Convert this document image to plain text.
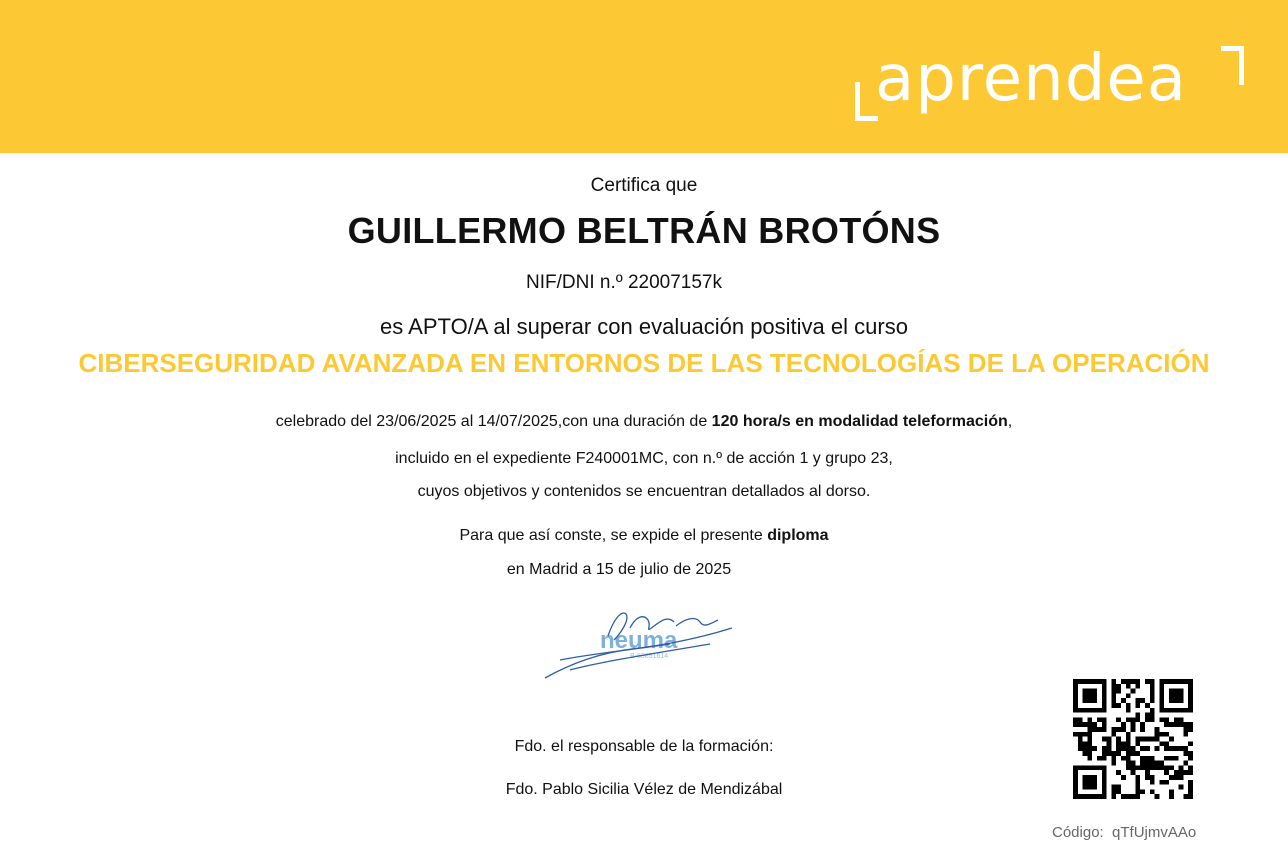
aprendea
Certifica que
GUILLERMO BELTRÁN BROTÓNS
NIF/DNI n.º 22007157k
es APTO/A al superar con evaluación positiva el curso
CIBERSEGURIDAD AVANZADA EN ENTORNOS DE LAS TECNOLOGÍAS DE LA OPERACIÓN
celebrado del 23/06/2025 al 14/07/2025,con una duración de 120 hora/s en modalidad teleformación,
incluido en el expediente F240001MC, con n.º de acción 1 y grupo 23,
cuyos objetivos y contenidos se encuentran detallados al dorso.
Para que así conste, se expide el presente diploma
en Madrid a 15 de julio de 2025
neuma
B-83851614
Fdo. el responsable de la formación:
Fdo. Pablo Sicilia Vélez de Mendizábal
Código: qTfUjmvAAo
